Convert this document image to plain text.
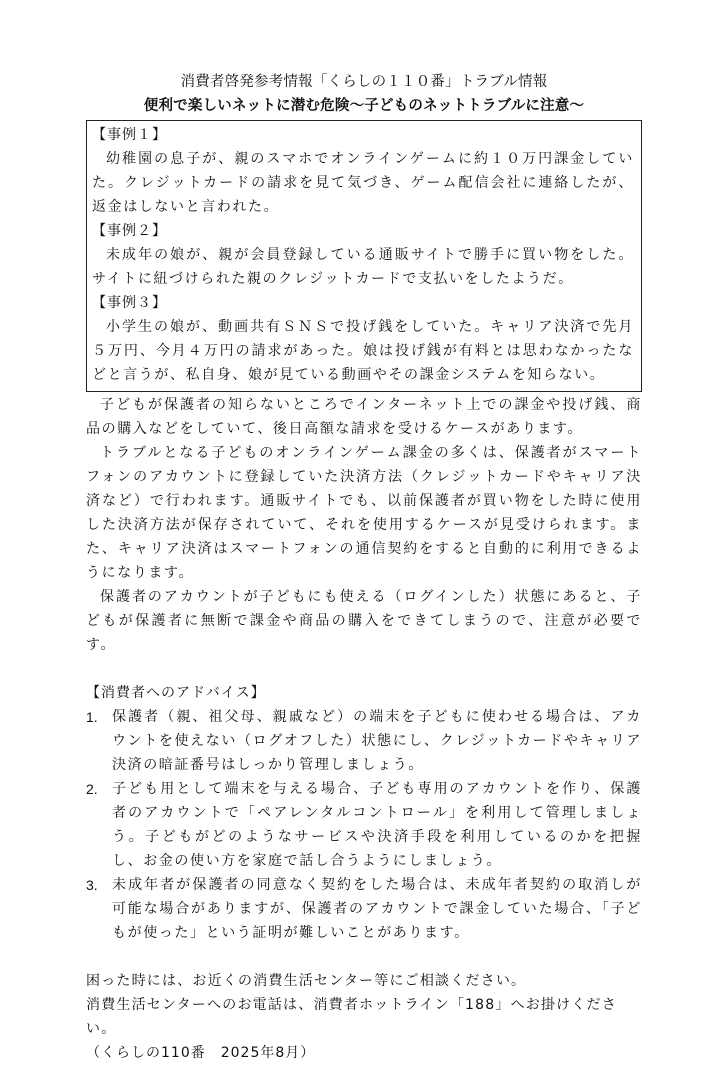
消費者啓発参考情報「くらしの１１０番」トラブル情報
便利で楽しいネットに潜む危険～子どものネットトラブルに注意～
【事例１】
幼稚園の息子が、親のスマホでオンラインゲームに約１０万円課金していた。クレジットカードの請求を見て気づき、ゲーム配信会社に連絡したが、返金はしないと言われた。
【事例２】
未成年の娘が、親が会員登録している通販サイトで勝手に買い物をした。サイトに紐づけられた親のクレジットカードで支払いをしたようだ。
【事例３】
小学生の娘が、動画共有ＳＮＳで投げ銭をしていた。キャリア決済で先月５万円、今月４万円の請求があった。娘は投げ銭が有料とは思わなかったなどと言うが、私自身、娘が見ている動画やその課金システムを知らない。
子どもが保護者の知らないところでインターネット上での課金や投げ銭、商品の購入などをしていて、後日高額な請求を受けるケースがあります。
トラブルとなる子どものオンラインゲーム課金の多くは、保護者がスマートフォンのアカウントに登録していた決済方法（クレジットカードやキャリア決済など）で行われます。通販サイトでも、以前保護者が買い物をした時に使用した決済方法が保存されていて、それを使用するケースが見受けられます。また、キャリア決済はスマートフォンの通信契約をすると自動的に利用できるようになります。
保護者のアカウントが子どもにも使える（ログインした）状態にあると、子どもが保護者に無断で課金や商品の購入をできてしまうので、注意が必要です。
【消費者へのアドバイス】
1.	保護者（親、祖父母、親戚など）の端末を子どもに使わせる場合は、アカウントを使えない（ログオフした）状態にし、クレジットカードやキャリア決済の暗証番号はしっかり管理しましょう。
2.	子ども用として端末を与える場合、子ども専用のアカウントを作り、保護者のアカウントで「ペアレンタルコントロール」を利用して管理しましょう。子どもがどのようなサービスや決済手段を利用しているのかを把握し、お金の使い方を家庭で話し合うようにしましょう。
3.	未成年者が保護者の同意なく契約をした場合は、未成年者契約の取消しが可能な場合がありますが、保護者のアカウントで課金していた場合、「子どもが使った」という証明が難しいことがあります。
困った時には、お近くの消費生活センター等にご相談ください。
消費生活センターへのお電話は、消費者ホットライン「188」へお掛けください。
（くらしの110番　2025年8月）
